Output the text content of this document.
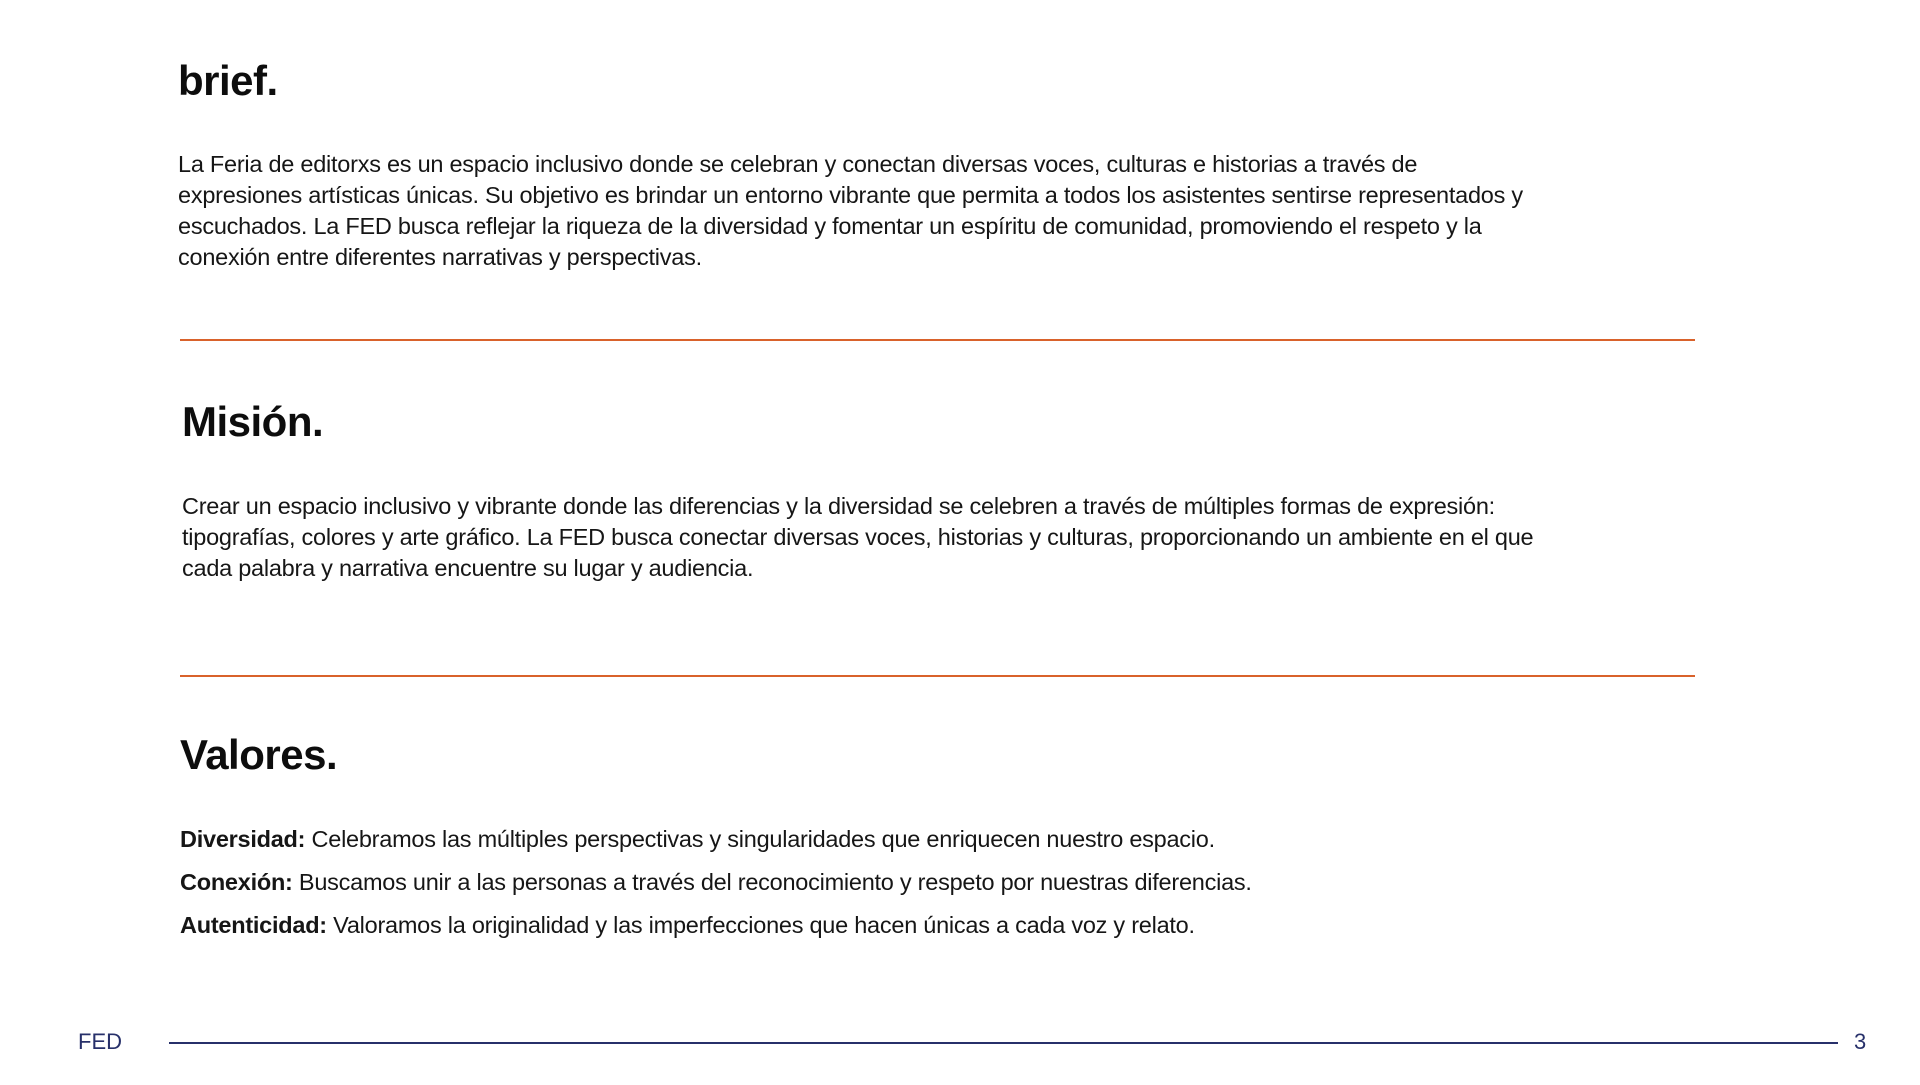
brief.

La Feria de editorxs es un espacio inclusivo donde se celebran y conectan diversas voces, culturas e historias a través de expresiones artísticas únicas. Su objetivo es brindar un entorno vibrante que permita a todos los asistentes sentirse representados y escuchados. La FED busca reflejar la riqueza de la diversidad y fomentar un espíritu de comunidad, promoviendo el respeto y la conexión entre diferentes narrativas y perspectivas.

Misión.

Crear un espacio inclusivo y vibrante donde las diferencias y la diversidad se celebren a través de múltiples formas de expresión: tipografías, colores y arte gráfico. La FED busca conectar diversas voces, historias y culturas, proporcionando un ambiente en el que cada palabra y narrativa encuentre su lugar y audiencia.

Valores.
Diversidad: Celebramos las múltiples perspectivas y singularidades que enriquecen nuestro espacio.
Conexión: Buscamos unir a las personas a través del reconocimiento y respeto por nuestras diferencias.
Autenticidad: Valoramos la originalidad y las imperfecciones que hacen únicas a cada voz y relato.
FED	3
